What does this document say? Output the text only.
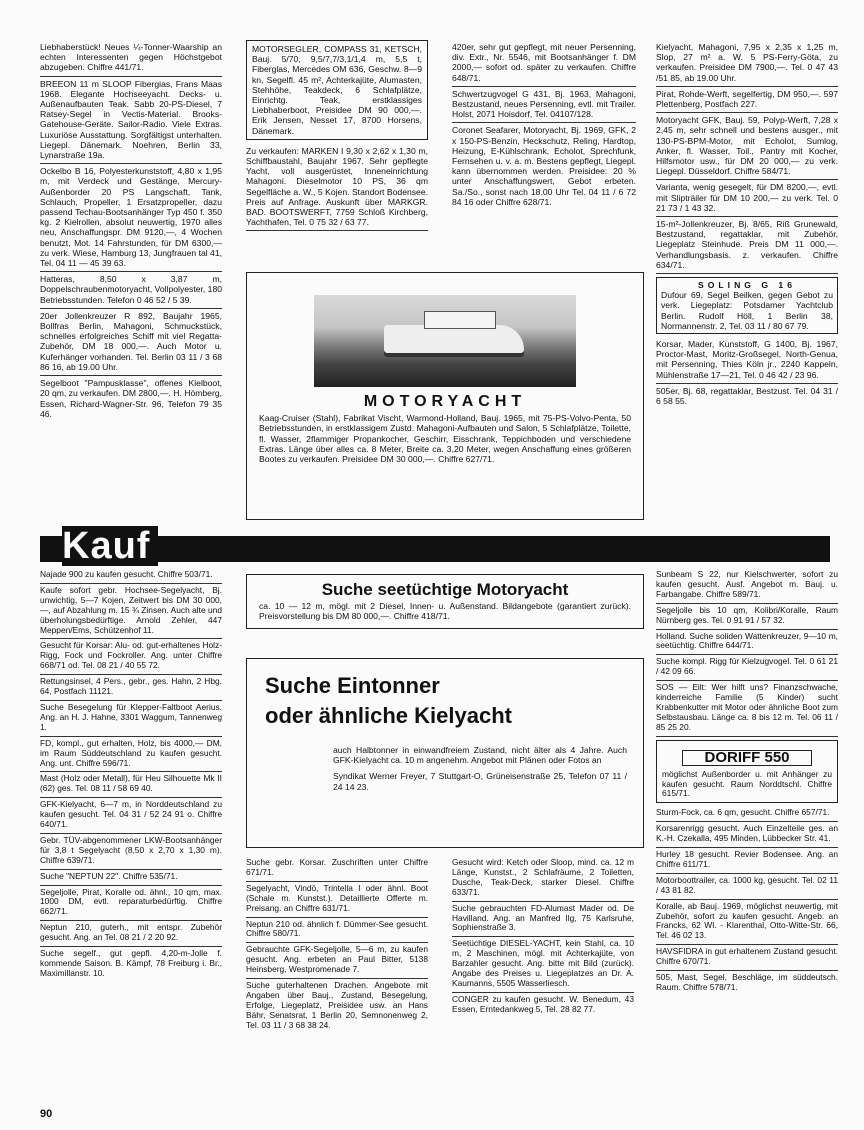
Liebhaberstück! Neues ¼-Tonner-Waarship an echten Interessenten gegen Höchstgebot abzugeben. Chiffre 441/71.

BREEON 11 m SLOOP Fibergias, Frans Maas 1968. Elegante Hochseeyacht. Decks- u. Außenaufbauten Teak. Sabb 20-PS-Diesel, 7 Ratsey-Segel in Vectis-Material. Brooks-Gatehouse-Geräte. Sailor-Radio. Viele Extras. Luxuriöse Ausstattung. Sorgfältigst unterhalten. Liegepl. Dänemark. Noehren, Berlin 33, Lynarstraße 19a.

Ockelbo B 16, Polyesterkunststoff, 4,80 x 1,95 m, mit Verdeck und Gestänge, Mercury-Außenborder 20 PS Langschaft, Tank, Schlauch, Propeller, 1 Ersatzpropeller, dazu passend Techau-Bootsanhänger Typ 450 f. 350 kg. 2 Kielrollen, absolut neuwertig, 1970 alles neu, Anschaffungspr. DM 9120,—, 4 Wochen benutzt, Mot. 14 Fahrstunden, für DM 6300,— zu verk. Wiese, Hamburg 13, Jungfrauen tal 41, Tel. 04 11 — 45 39 63.

Hatteras, 8,50 x 3,87 m, Doppelschraubenmotoryacht, Vollpolyester, 180 Betriebsstunden. Telefon 0 46 52 / 5 39.

20er Jollenkreuzer R 892, Baujahr 1965, Bollfras Berlin, Mahagoni, Schmuckstück, schnelles erfolgreiches Schiff mit viel Regatta-Zubehör, DM 18 000,—. Auch Motor u. Kuferhänger vorhanden. Tel. Berlin 03 11 / 3 68 86 16, ab 19.00 Uhr.

Segelboot "Pampusklasse", offenes Kielboot, 20 qm, zu verkaufen. DM 2800,—. H. Hömberg, Essen, Richard-Wagner-Str. 96, Telefon 79 35 46.

MOTORSEGLER, COMPASS 31, KETSCH, Bauj. 5/70, 9,5/7,7/3,1/1,4 m, 5,5 t, Fiberglas, Mercedes OM 636, Geschw. 8—9 kn, Segelfl. 45 m², Achterkajüte, Alumasten, Stehhöhe, Teakdeck, 6 Schlafplätze, Einrichtg. Teak, erstklassiges Liebhaberboot, Preisidee DM 90 000,—. Erik Jensen, Nesset 17, 8700 Horsens, Dänemark.

Zu verkaufen: MARKEN I 9,30 x 2,62 x 1,30 m, Schiffbaustahl, Baujahr 1967. Sehr gepflegte Yacht, voll ausgerüstet, Inneneinrichtung Mahagoni. Dieselmotor 10 PS, 36 qm Segelfläche a. W., 5 Kojen. Standort Bodensee. Preis auf Anfrage. Auskunft über MARKGR. BAD. BOOTSWERFT, 7759 Schloß Kirchberg, Yachthafen, Tel. 0 75 32 / 63 77.

420er, sehr gut gepflegt, mit neuer Persenning, div. Extr., Nr. 5546, mit Bootsanhänger f. DM 2000,— sofort od. später zu verkaufen. Chiffre 648/71.

Schwertzugvogel G 431, Bj. 1963, Mahagoni, Bestzustand, neues Persenning, evtl. mit Trailer. Holst, 2071 Hoisdorf, Tel. 04107/128.

Coronet Seafarer, Motoryacht, Bj. 1969, GFK, 2 x 150-PS-Benzin, Heckschutz, Reling, Hardtop, Heizung, E-Kühlschrank, Echolot, Sprechfunk, Fernsehen u. v. a. m. Bestens gepflegt, Liegepl. kann übernommen werden. Preisidee: 20 % unter Anschaffungswert, Gebot erbeten. Sa./So., sonst nach 18.00 Uhr Tel. 04 11 / 6 72 84 16 oder Chiffre 628/71.

MOTORYACHT

Kaag-Cruiser (Stahl), Fabrikat Vischt, Warmond-Holland, Bauj. 1965, mit 75-PS-Volvo-Penta, 50 Betriebsstunden, in erstklassigem Zustd. Mahagoni-Aufbauten und Salon, 5 Schlafplätze, Toilette, fl. Wasser, 2flammiger Propankocher, Geschirr, Eisschrank, Teppichboden und verschiedene Extras. Länge über alles ca. 8 Meter, Breite ca. 3,20 Meter, wegen Anschaffung eines größeren Bootes zu verkaufen. Preisidee DM 30 000,—. Chiffre 627/71.

Kielyacht, Mahagoni, 7,95 x 2,35 x 1,25 m, Slop, 27 m² a. W. 5 PS-Ferry-Göta, zu verkaufen. Preisidee DM 7900,—. Tel. 0 47 43 /51 85, ab 19.00 Uhr.

Pirat, Rohde-Werft, segelfertig, DM 950,—. 597 Plettenberg, Postfach 227.

Motoryacht GFK, Bauj. 59, Polyp-Werft, 7,28 x 2,45 m, sehr schnell und bestens ausger., mit 130-PS-BPM-Motor, mit Echolot, Sumlog, Anker, fl. Wasser, Toil., Pantry mit Kocher, Hilfsmotor usw., für DM 20 000,— zu verk. Liegepl. Düsseldorf. Chiffre 584/71.

Varianta, wenig gesegelt, für DM 8200,—, evtl. mit Slipträiler für DM 10 200,— zu verk. Tel. 0 21 73 / 1 43 32.

15-m²-Jollenkreuzer, Bj. 8/65, Riß Grunewald, Bestzustand, regattaklar, mit Zubehör, Liegeplatz Steinhude. Preis DM 11 000,—. Verhandlungsbasis. z. verkaufen. Chiffre 634/71.

SOLING G 16

Dufour 69, Segel Beilken, gegen Gebot zu verk. Liegeplatz: Potsdamer Yachtclub Berlin. Rudolf Höll, 1 Berlin 38, Normannenstr. 2, Tel. 03 11 / 80 67 79.

Korsar, Mader, Kunststoff, G 1400, Bj. 1967, Proctor-Mast, Moritz-Großsegel, North-Genua, mit Persenning, Thies Köln jr., 2240 Kappeln, Mühlenstraße 17—21, Tel. 0 46 42 / 23 96.

505er, Bj. 68, regattaklar, Bestzust. Tel. 04 31 / 6 58 55.

Kauf

Najade 900 zu kaufen gesucht. Chiffre 503/71.

Kaufe sofort gebr. Hochsee-Segelyacht, Bj. unwichtig, 5—7 Kojen, Zeitwert bis DM 30 000,—, auf Abzahlung m. 15 ¾ Zinsen. Auch alte und überholungsbedürftige. Arnold Zehler, 447 Meppen/Ems, Schützenhof 11.

Gesucht für Korsar: Alu- od. gut-erhaltenes Holz-Rigg, Fock und Fockroller. Ang. unter Chiffre 668/71 od. Tel. 08 21 / 40 55 72.

Rettungsinsel, 4 Pers., gebr., ges. Hahn, 2 Hbg. 64, Postfach 11121.

Suche Besegelung für Klepper-Faltboot Aerius. Ang. an H. J. Hahne, 3301 Waggum, Tannenweg 1.

FD, kompl., gut erhalten, Holz, bis 4000,— DM, im Raum Süddeutschland zu kaufen gesucht. Ang. unt. Chiffre 596/71.

Mast (Holz oder Metall), für Heu Silhouette Mk II (62) ges. Tel. 08 11 / 58 69 40.

GFK-Kielyacht, 6—7 m, in Norddeutschland zu kaufen gesucht. Tel. 04 31 / 52 24 91 o. Chiffre 640/71.

Gebr. TÜV-abgenommener LKW-Bootsanhänger für 3,8 t Segelyacht (8,50 x 2,70 x 1,30 m). Chiffre 639/71.

Suche "NEPTUN 22". Chiffre 535/71.

Segeljolle, Pirat, Koralle od. ähnl., 10 qm, max. 1000 DM, evtl. reparaturbedürftig. Chiffre 662/71.

Neptun 210, guterh., mit entspr. Zubehör gesucht. Ang. an Tel. 08 21 / 2 20 92.

Suche segelf., gut gepfl. 4,20-m-Jolle f. kommende Saison. B. Kämpf, 78 Freiburg i. Br., Maximillanstr. 10.

Suche seetüchtige Motoryacht

ca. 10 — 12 m, mögl. mit 2 Diesel, Innen- u. Außenstand. Bildangebote (garantiert zurück). Preisvorstellung bis DM 80 000,—. Chiffre 418/71.

Suche Eintonner
oder ähnliche Kielyacht

auch Halbtonner in einwandfreiem Zustand, nicht älter als 4 Jahre. Auch GFK-Kielyacht ca. 10 m angenehm. Angebot mit Plänen oder Fotos an

Syndikat Werner Freyer, 7 Stuttgart-O, Grüneisenstraße 25, Telefon 07 11 / 24 14 23.

Suche gebr. Korsar. Zuschriften unter Chiffre 671/71.

Segelyacht, Vindö, Trintella I oder ähnl. Boot (Schale m. Kunstst.). Detaillierte Offerte m. Preisang. an Chiffre 631/71.

Neptun 210 od. ähnlich f. Dümmer-See gesucht. Chiffre 580/71.

Gebrauchte GFK-Segeljolle, 5—6 m, zu kaufen gesucht. Ang. erbeten an Paul Bitter, 5138 Heinsberg, Westpromenade 7.

Suche guterhaltenen Drachen. Angebote mit Angaben über Bauj., Zustand, Besegelung, Erfolge, Liegeplatz, Preisidee usw. an Hans Bähr, Senatsrat, 1 Berlin 20, Semnonenweg 2, Tel. 03 11 / 3 68 38 24.

Gesucht wird: Ketch oder Sloop, mind. ca. 12 m Länge, Kunstst., 2 Schlafräume, 2 Toiletten, Dusche, Teak-Deck, starker Diesel. Chiffre 633/71.

Suche gebrauchten FD-Alumast Mader od. De Havilland. Ang. an Manfred Ilg, 75 Karlsruhe, Sophienstraße 3.

Seetüchtige DIESEL-YACHT, kein Stahl, ca. 10 m, 2 Maschinen, mögl. mit Achterkajüte, von Barzahler gesucht. Ang. bitte mit Bild (zurück). Angabe des Preises u. Liegeplatzes an Dr. A. Kaumanns, 5505 Wasserliesch.

CONGER zu kaufen gesucht. W. Benedum, 43 Essen, Erntedankweg 5, Tel. 28 82 77.

Sunbeam S 22, nur Kielschwerter, sofort zu kaufen gesucht. Ausf. Angebot m. Bauj. u. Farbangabe. Chiffre 589/71.

Segeljolle bis 10 qm, Kolibri/Koralle, Raum Nürnberg ges. Tel. 0 91 91 / 57 32.

Holland. Suche soliden Wattenkreuzer, 9—10 m, seetüchtig. Chiffre 644/71.

Suche kompl. Rigg für Kielzugvogel. Tel. 0 61 21 / 42 09 66.

SOS — Eilt: Wer hilft uns? Finanzschwache, kinderreiche Familie (5 Kinder) sucht Krabbenkutter mit Motor oder ähnliche Boot zum Selbstausbau. Länge ca. 8 bis 12 m. Tel. 06 11 / 85 25 20.

DORIFF 550

möglichst Außenborder u. mit Anhänger zu kaufen gesucht. Raum Norddtschl. Chiffre 615/71.

Sturm-Fock, ca. 6 qm, gesucht. Chiffre 657/71.

Korsarenrigg gesucht. Auch Einzelteile ges. an K.-H. Czekalla, 495 Minden, Lübbecker Str. 41.

Hurley 18 gesucht. Revier Bodensee. Ang. an Chiffre 611/71.

Motorboottrailer, ca. 1000 kg, gesucht. Tel. 02 11 / 43 81 82.

Koralle, ab Bauj. 1969, möglichst neuwertig, mit Zubehör, sofort zu kaufen gesucht. Angeb. an Francks, 62 WI. - Klarenthal, Otto-Witte-Str. 66, Tel. 46 02 13.

HAVSFIDRA in gut erhaltenem Zustand gesucht. Chiffre 670/71.

505, Mast, Segel, Beschläge, im süddeutsch. Raum. Chiffre 578/71.

90
